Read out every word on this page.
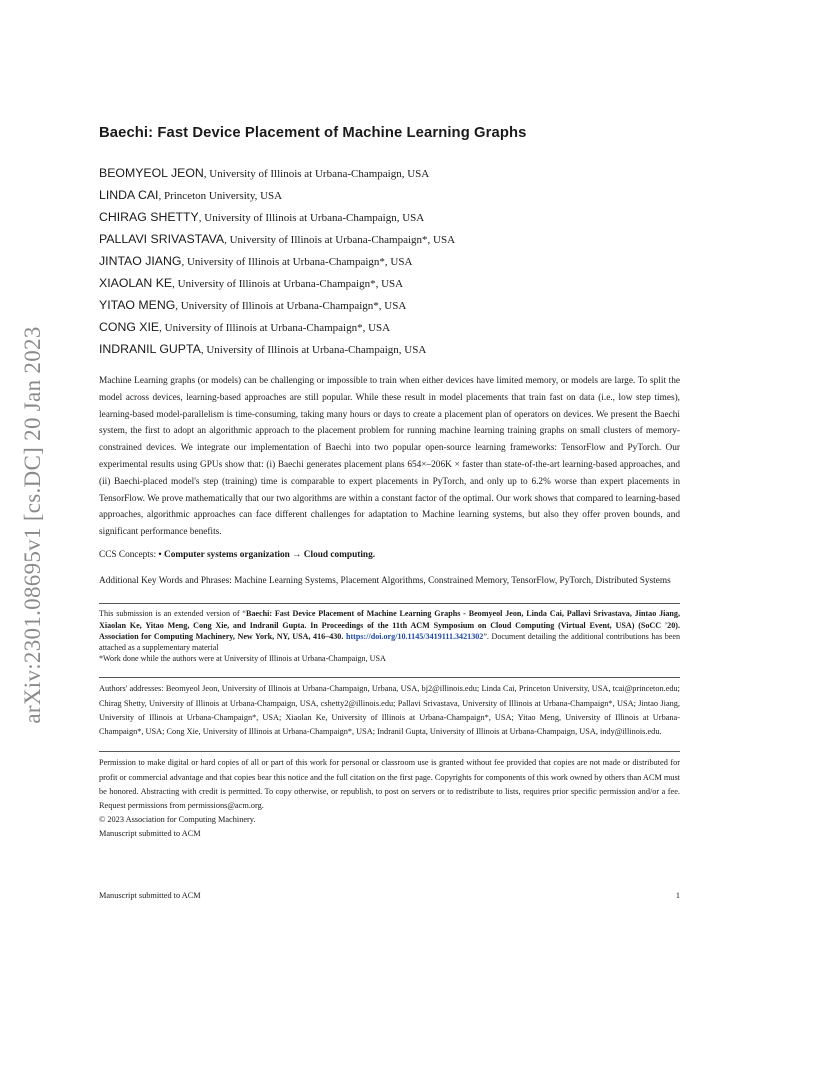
arXiv:2301.08695v1 [cs.DC] 20 Jan 2023
Baechi: Fast Device Placement of Machine Learning Graphs
BEOMYEOL JEON, University of Illinois at Urbana-Champaign, USA
LINDA CAI, Princeton University, USA
CHIRAG SHETTY, University of Illinois at Urbana-Champaign, USA
PALLAVI SRIVASTAVA, University of Illinois at Urbana-Champaign*, USA
JINTAO JIANG, University of Illinois at Urbana-Champaign*, USA
XIAOLAN KE, University of Illinois at Urbana-Champaign*, USA
YITAO MENG, University of Illinois at Urbana-Champaign*, USA
CONG XIE, University of Illinois at Urbana-Champaign*, USA
INDRANIL GUPTA, University of Illinois at Urbana-Champaign, USA

Machine Learning graphs (or models) can be challenging or impossible to train when either devices have limited memory, or models are large. To split the model across devices, learning-based approaches are still popular. While these result in model placements that train fast on data (i.e., low step times), learning-based model-parallelism is time-consuming, taking many hours or days to create a placement plan of operators on devices. We present the Baechi system, the first to adopt an algorithmic approach to the placement problem for running machine learning training graphs on small clusters of memory-constrained devices. We integrate our implementation of Baechi into two popular open-source learning frameworks: TensorFlow and PyTorch. Our experimental results using GPUs show that: (i) Baechi generates placement plans 654×–206K × faster than state-of-the-art learning-based approaches, and (ii) Baechi-placed model's step (training) time is comparable to expert placements in PyTorch, and only up to 6.2% worse than expert placements in TensorFlow. We prove mathematically that our two algorithms are within a constant factor of the optimal. Our work shows that compared to learning-based approaches, algorithmic approaches can face different challenges for adaptation to Machine learning systems, but also they offer proven bounds, and significant performance benefits.

CCS Concepts: • Computer systems organization → Cloud computing.

Additional Key Words and Phrases: Machine Learning Systems, Placement Algorithms, Constrained Memory, TensorFlow, PyTorch, Distributed Systems

This submission is an extended version of “Baechi: Fast Device Placement of Machine Learning Graphs - Beomyeol Jeon, Linda Cai, Pallavi Srivastava, Jintao Jiang, Xiaolan Ke, Yitao Meng, Cong Xie, and Indranil Gupta. In Proceedings of the 11th ACM Symposium on Cloud Computing (Virtual Event, USA) (SoCC '20). Association for Computing Machinery, New York, NY, USA, 416–430. https://doi.org/10.1145/3419111.3421302”. Document detailing the additional contributions has been attached as a supplementary material

*Work done while the authors were at University of Illinois at Urbana-Champaign, USA

Authors' addresses: Beomyeol Jeon, University of Illinois at Urbana-Champaign, Urbana, USA, bj2@illinois.edu; Linda Cai, Princeton University, USA, tcai@princeton.edu; Chirag Shetty, University of Illinois at Urbana-Champaign, USA, cshetty2@illinois.edu; Pallavi Srivastava, University of Illinois at Urbana-Champaign*, USA; Jintao Jiang, University of Illinois at Urbana-Champaign*, USA; Xiaolan Ke, University of Illinois at Urbana-Champaign*, USA; Yitao Meng, University of Illinois at Urbana-Champaign*, USA; Cong Xie, University of Illinois at Urbana-Champaign*, USA; Indranil Gupta, University of Illinois at Urbana-Champaign, USA, indy@illinois.edu.

Permission to make digital or hard copies of all or part of this work for personal or classroom use is granted without fee provided that copies are not made or distributed for profit or commercial advantage and that copies bear this notice and the full citation on the first page. Copyrights for components of this work owned by others than ACM must be honored. Abstracting with credit is permitted. To copy otherwise, or republish, to post on servers or to redistribute to lists, requires prior specific permission and/or a fee. Request permissions from permissions@acm.org.

© 2023 Association for Computing Machinery.

Manuscript submitted to ACM

Manuscript submitted to ACM	1
